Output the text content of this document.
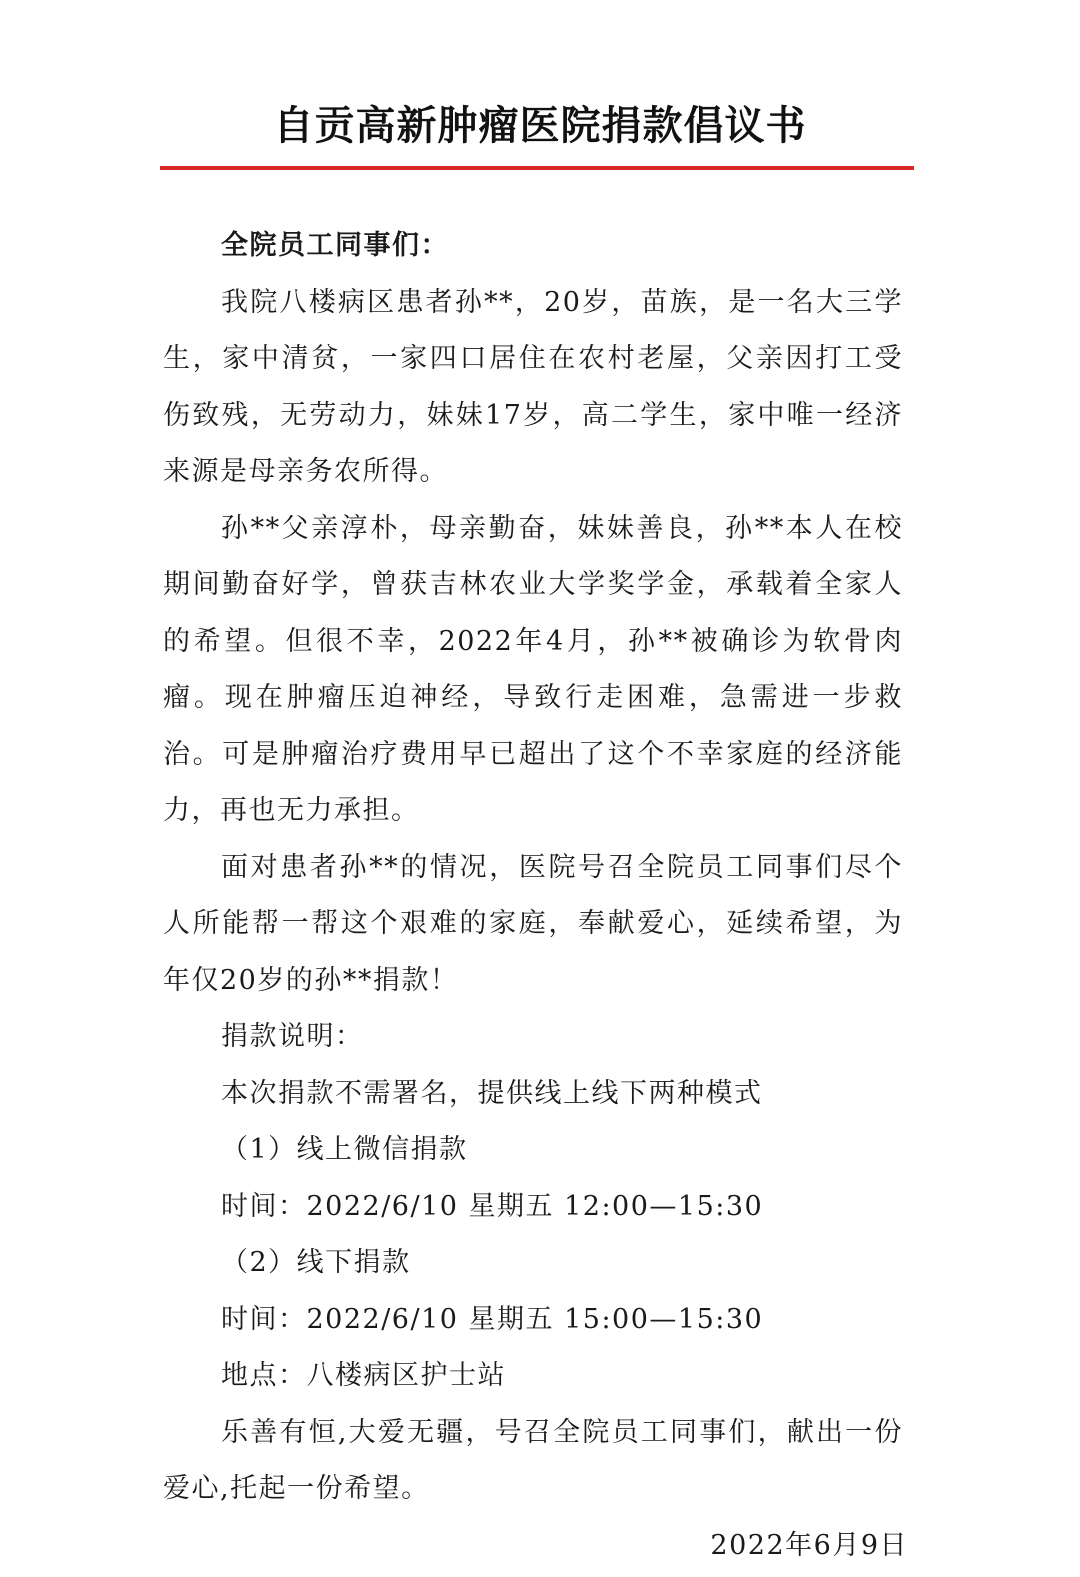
自贡高新肿瘤医院捐款倡议书

全院员工同事们：

我院八楼病区患者孙**，20岁，苗族，是一名大三学生，家中清贫，一家四口居住在农村老屋，父亲因打工受伤致残，无劳动力，妹妹17岁，高二学生，家中唯一经济来源是母亲务农所得。

孙**父亲淳朴，母亲勤奋，妹妹善良，孙**本人在校期间勤奋好学，曾获吉林农业大学奖学金，承载着全家人的希望。但很不幸，2022年4月，孙**被确诊为软骨肉瘤。现在肿瘤压迫神经，导致行走困难，急需进一步救治。可是肿瘤治疗费用早已超出了这个不幸家庭的经济能力，再也无力承担。

面对患者孙**的情况，医院号召全院员工同事们尽个人所能帮一帮这个艰难的家庭，奉献爱心，延续希望，为年仅20岁的孙**捐款！

捐款说明：

本次捐款不需署名，提供线上线下两种模式

（1）线上微信捐款

时间：2022/6/10 星期五 12:00—15:30

（2）线下捐款

时间：2022/6/10 星期五 15:00—15:30

地点：八楼病区护士站

乐善有恒,大爱无疆，号召全院员工同事们，献出一份爱心,托起一份希望。

2022年6月9日
